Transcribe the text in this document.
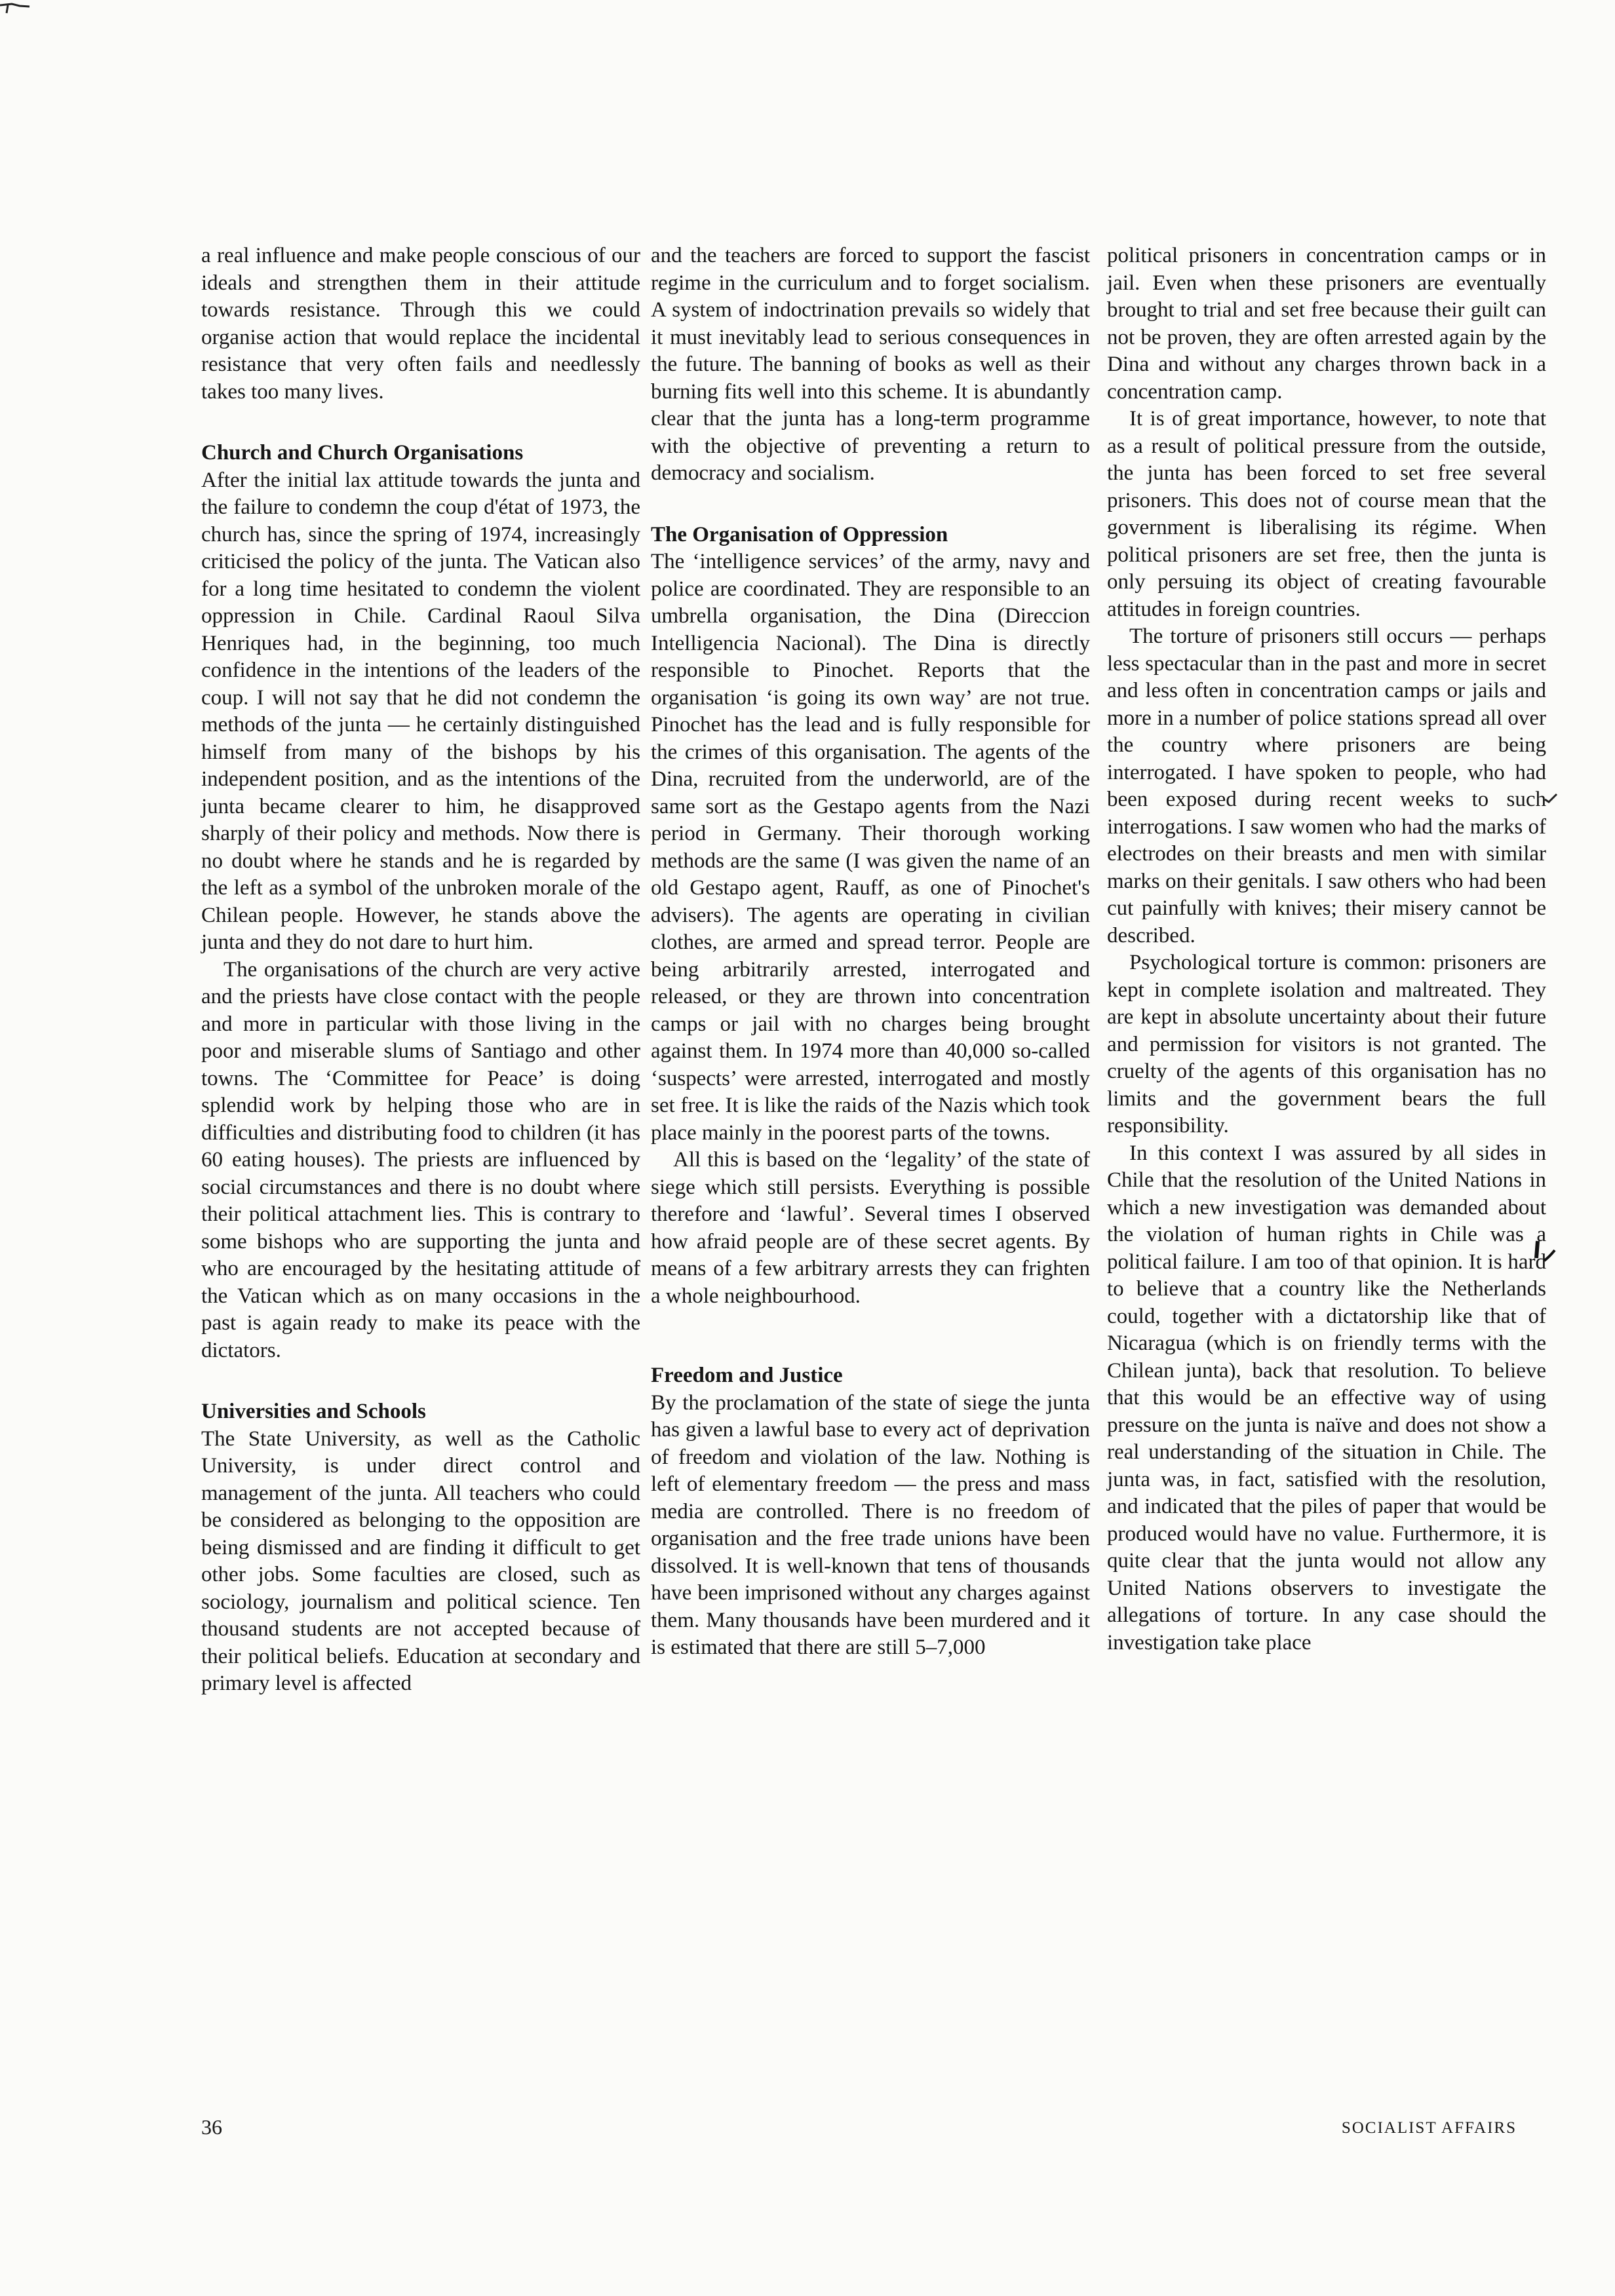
a real influence and make people conscious of our ideals and strengthen them in their attitude towards resistance. Through this we could organise action that would replace the incidental resistance that very often fails and needlessly takes too many lives.

Church and Church Organisations

After the initial lax attitude towards the junta and the failure to condemn the coup d'état of 1973, the church has, since the spring of 1974, increasingly criticised the policy of the junta. The Vatican also for a long time hesitated to condemn the violent oppression in Chile. Cardinal Raoul Silva Henriques had, in the beginning, too much confidence in the intentions of the leaders of the coup. I will not say that he did not condemn the methods of the junta — he certainly distinguished himself from many of the bishops by his independent position, and as the intentions of the junta became clearer to him, he disapproved sharply of their policy and methods. Now there is no doubt where he stands and he is regarded by the left as a symbol of the unbroken morale of the Chilean people. However, he stands above the junta and they do not dare to hurt him.

The organisations of the church are very active and the priests have close contact with the people and more in particular with those living in the poor and miserable slums of Santiago and other towns. The ‘Committee for Peace’ is doing splendid work by helping those who are in difficulties and distributing food to children (it has 60 eating houses). The priests are influenced by social circumstances and there is no doubt where their political attachment lies. This is contrary to some bishops who are supporting the junta and who are encouraged by the hesitating attitude of the Vatican which as on many occasions in the past is again ready to make its peace with the dictators.

Universities and Schools

The State University, as well as the Catholic University, is under direct control and management of the junta. All teachers who could be considered as belonging to the opposition are being dismissed and are finding it difficult to get other jobs. Some faculties are closed, such as sociology, journalism and political science. Ten thousand students are not accepted because of their political beliefs. Education at secondary and primary level is affected

and the teachers are forced to support the fascist regime in the curriculum and to forget socialism. A system of indoctrination prevails so widely that it must inevitably lead to serious consequences in the future. The banning of books as well as their burning fits well into this scheme. It is abundantly clear that the junta has a long-term programme with the objective of preventing a return to democracy and socialism.

The Organisation of Oppression

The ‘intelligence services’ of the army, navy and police are coordinated. They are responsible to an umbrella organisation, the Dina (Direccion Intelligencia Nacional). The Dina is directly responsible to Pinochet. Reports that the organisation ‘is going its own way’ are not true. Pinochet has the lead and is fully responsible for the crimes of this organisation. The agents of the Dina, recruited from the underworld, are of the same sort as the Gestapo agents from the Nazi period in Germany. Their thorough working methods are the same (I was given the name of an old Gestapo agent, Rauff, as one of Pinochet's advisers). The agents are operating in civilian clothes, are armed and spread terror. People are being arbitrarily arrested, interrogated and released, or they are thrown into concentration camps or jail with no charges being brought against them. In 1974 more than 40,000 so-called ‘suspects’ were arrested, interrogated and mostly set free. It is like the raids of the Nazis which took place mainly in the poorest parts of the towns.

All this is based on the ‘legality’ of the state of siege which still persists. Everything is possible therefore and ‘lawful’. Several times I observed how afraid people are of these secret agents. By means of a few arbitrary arrests they can frighten a whole neighbourhood.

Freedom and Justice

By the proclamation of the state of siege the junta has given a lawful base to every act of deprivation of freedom and violation of the law. Nothing is left of elementary freedom — the press and mass media are controlled. There is no freedom of organisation and the free trade unions have been dissolved. It is well-known that tens of thousands have been imprisoned without any charges against them. Many thousands have been murdered and it is estimated that there are still 5–7,000

political prisoners in concentration camps or in jail. Even when these prisoners are eventually brought to trial and set free because their guilt can not be proven, they are often arrested again by the Dina and without any charges thrown back in a concentration camp.

It is of great importance, however, to note that as a result of political pressure from the outside, the junta has been forced to set free several prisoners. This does not of course mean that the government is liberalising its régime. When political prisoners are set free, then the junta is only persuing its object of creating favourable attitudes in foreign countries.

The torture of prisoners still occurs — perhaps less spectacular than in the past and more in secret and less often in concentration camps or jails and more in a number of police stations spread all over the country where prisoners are being interrogated. I have spoken to people, who had been exposed during recent weeks to such interrogations. I saw women who had the marks of electrodes on their breasts and men with similar marks on their genitals. I saw others who had been cut painfully with knives; their misery cannot be described.

Psychological torture is common: prisoners are kept in complete isolation and maltreated. They are kept in absolute uncertainty about their future and permission for visitors is not granted. The cruelty of the agents of this organisation has no limits and the government bears the full responsibility.

In this context I was assured by all sides in Chile that the resolution of the United Nations in which a new investigation was demanded about the violation of human rights in Chile was a political failure. I am too of that opinion. It is hard to believe that a country like the Netherlands could, together with a dictatorship like that of Nicaragua (which is on friendly terms with the Chilean junta), back that resolution. To believe that this would be an effective way of using pressure on the junta is naïve and does not show a real understanding of the situation in Chile. The junta was, in fact, satisfied with the resolution, and indicated that the piles of paper that would be produced would have no value. Furthermore, it is quite clear that the junta would not allow any United Nations observers to investigate the allegations of torture. In any case should the investigation take place

36	SOCIALIST AFFAIRS
